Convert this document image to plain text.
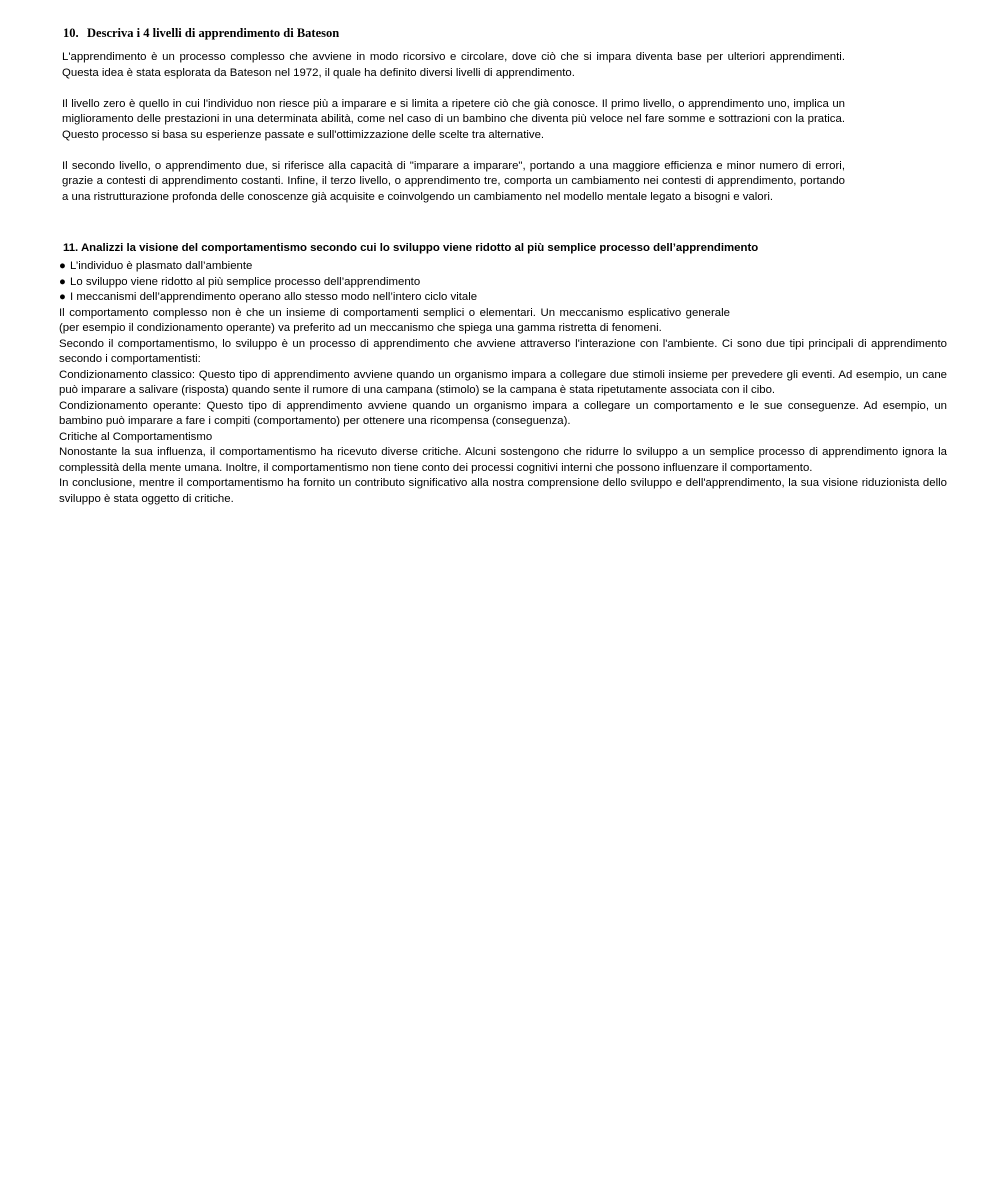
10. Descriva i 4 livelli di apprendimento di Bateson

L'apprendimento è un processo complesso che avviene in modo ricorsivo e circolare, dove ciò che si impara diventa base per ulteriori apprendimenti. Questa idea è stata esplorata da Bateson nel 1972, il quale ha definito diversi livelli di apprendimento.

Il livello zero è quello in cui l'individuo non riesce più a imparare e si limita a ripetere ciò che già conosce. Il primo livello, o apprendimento uno, implica un miglioramento delle prestazioni in una determinata abilità, come nel caso di un bambino che diventa più veloce nel fare somme e sottrazioni con la pratica. Questo processo si basa su esperienze passate e sull'ottimizzazione delle scelte tra alternative.

Il secondo livello, o apprendimento due, si riferisce alla capacità di "imparare a imparare", portando a una maggiore efficienza e minor numero di errori, grazie a contesti di apprendimento costanti. Infine, il terzo livello, o apprendimento tre, comporta un cambiamento nei contesti di apprendimento, portando a una ristrutturazione profonda delle conoscenze già acquisite e coinvolgendo un cambiamento nel modello mentale legato a bisogni e valori.

11. Analizzi la visione del comportamentismo secondo cui lo sviluppo viene ridotto al più semplice processo dell’apprendimento
● L’individuo è plasmato dall’ambiente
● Lo sviluppo viene ridotto al più semplice processo dell’apprendimento
● I meccanismi dell’apprendimento operano allo stesso modo nell’intero ciclo vitale

Il comportamento complesso non è che un insieme di comportamenti semplici o elementari. Un meccanismo esplicativo generale (per esempio il condizionamento operante) va preferito ad un meccanismo che spiega una gamma ristretta di fenomeni.

Secondo il comportamentismo, lo sviluppo è un processo di apprendimento che avviene attraverso l'interazione con l'ambiente. Ci sono due tipi principali di apprendimento secondo i comportamentisti:

Condizionamento classico: Questo tipo di apprendimento avviene quando un organismo impara a collegare due stimoli insieme per prevedere gli eventi. Ad esempio, un cane può imparare a salivare (risposta) quando sente il rumore di una campana (stimolo) se la campana è stata ripetutamente associata con il cibo.

Condizionamento operante: Questo tipo di apprendimento avviene quando un organismo impara a collegare un comportamento e le sue conseguenze. Ad esempio, un bambino può imparare a fare i compiti (comportamento) per ottenere una ricompensa (conseguenza).

Critiche al Comportamentismo

Nonostante la sua influenza, il comportamentismo ha ricevuto diverse critiche. Alcuni sostengono che ridurre lo sviluppo a un semplice processo di apprendimento ignora la complessità della mente umana. Inoltre, il comportamentismo non tiene conto dei processi cognitivi interni che possono influenzare il comportamento.

In conclusione, mentre il comportamentismo ha fornito un contributo significativo alla nostra comprensione dello sviluppo e dell'apprendimento, la sua visione riduzionista dello sviluppo è stata oggetto di critiche.
